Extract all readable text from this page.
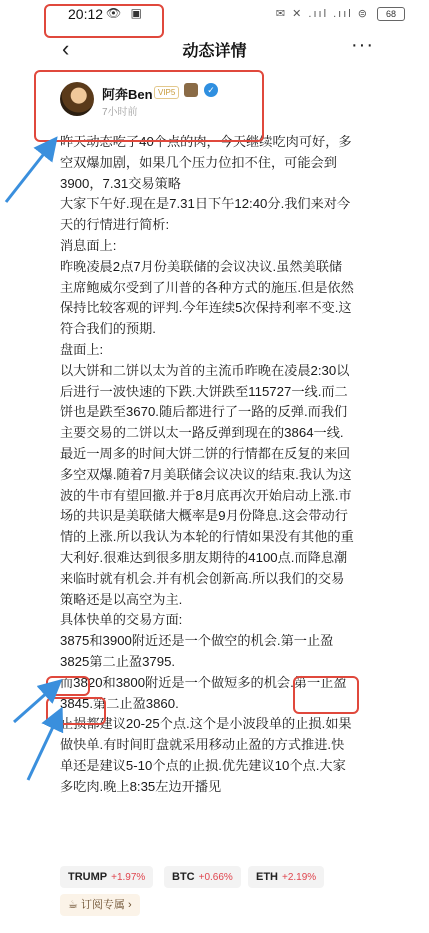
20:12 👁 ▣	✉ ✕ .ııl .ııl ⊜	68
‹	动态详情	···
阿奔Ben VIP5	✓
7小时前
昨天动态吃了40个点的肉，今天继续吃肉可好，多
空双爆加剧，如果几个压力位扣不住，可能会到
3900，7.31交易策略
大家下午好.现在是7.31日下午12:40分.我们来对今
天的行情进行简析:
消息面上:
昨晚凌晨2点7月份美联储的会议决议.虽然美联储
主席鲍威尔受到了川普的各种方式的施压.但是依然
保持比较客观的评判.今年连续5次保持利率不变.这
符合我们的预期.
盘面上:
以大饼和二饼以太为首的主流币昨晚在凌晨2:30以
后进行一波快速的下跌.大饼跌至115727一线.而二
饼也是跌至3670.随后都进行了一路的反弹.而我们
主要交易的二饼以太一路反弹到现在的3864一线.
最近一周多的时间大饼二饼的行情都在反复的来回
多空双爆.随着7月美联储会议决议的结束.我认为这
波的牛市有望回撤.并于8月底再次开始启动上涨.市
场的共识是美联储大概率是9月份降息.这会带动行
情的上涨.所以我认为本轮的行情如果没有其他的重
大利好.很难达到很多朋友期待的4100点.而降息潮
来临时就有机会.并有机会创新高.所以我们的交易
策略还是以高空为主.
具体快单的交易方面:
3875和3900附近还是一个做空的机会.第一止盈
3825第二止盈3795.
而3820和3800附近是一个做短多的机会.第一止盈
3845.第二止盈3860.
止损都建议20-25个点.这个是小波段单的止损.如果
做快单.有时间盯盘就采用移动止盈的方式推进.快
单还是建议5-10个点的止损.优先建议10个点.大家
多吃肉.晚上8:35左边开播见
TRUMP +1.97%	BTC +0.66%	ETH +2.19%
☕ 订阅专属 ›
